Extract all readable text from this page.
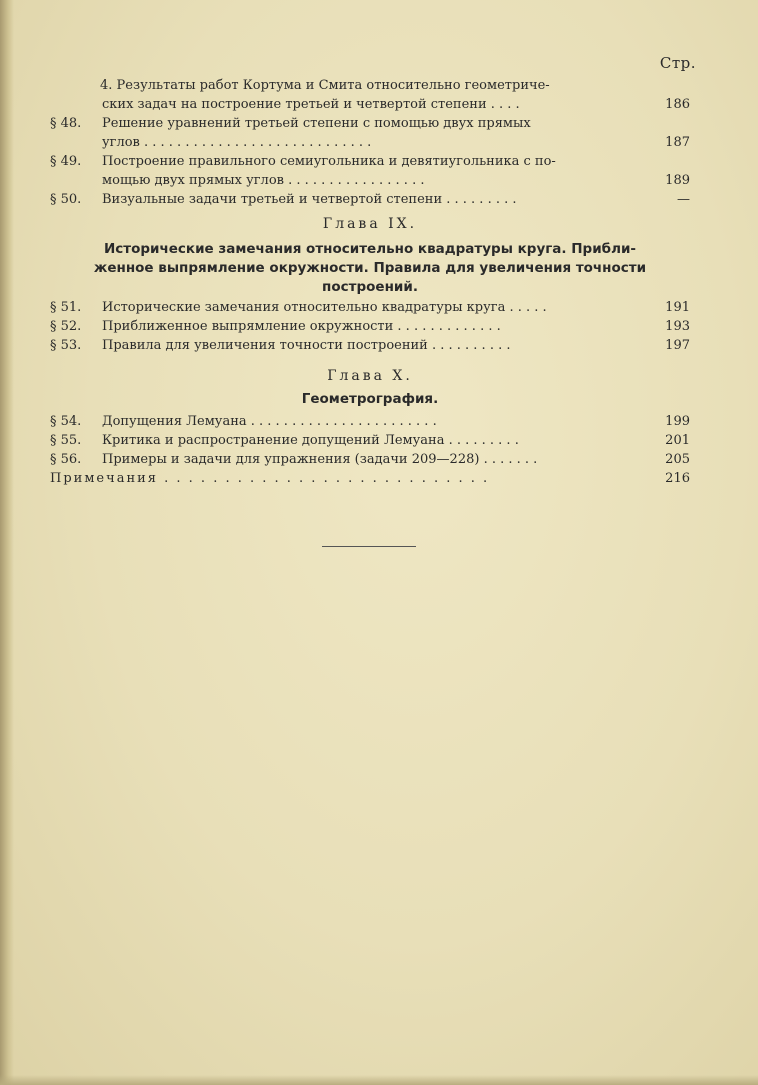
Стр.
4. Результаты работ Кортума и Смита относительно геометриче-
ских задач на построение третьей и четвертой степени . . . .	186
§ 48. Решение уравнений третьей степени с помощью двух прямых
углов . . . . . . . . . . . . . . . . . . . . . . . . . . . .	187
§ 49. Построение правильного семиугольника и девятиугольника с по-
мощью двух прямых углов . . . . . . . . . . . . . . . . .	189
§ 50. Визуальные задачи третьей и четвертой степени . . . . . . . . .	—
Глава IX.
Исторические замечания относительно квадратуры круга. Прибли-
женное выпрямление окружности. Правила для увеличения точности
построений.
§ 51. Исторические замечания относительно квадратуры круга . . . . .	191
§ 52. Приближенное выпрямление окружности . . . . . . . . . . . . .	193
§ 53. Правила для увеличения точности построений . . . . . . . . . .	197
Глава X.
Геометрография.
§ 54. Допущения Лемуана . . . . . . . . . . . . . . . . . . . . . . .	199
§ 55. Критика и распространение допущений Лемуана . . . . . . . . .	201
§ 56. Примеры и задачи для упражнения (задачи 209—228) . . . . . . .	205
Примечания . . . . . . . . . . . . . . . . . . . . . . . . . . .	216
